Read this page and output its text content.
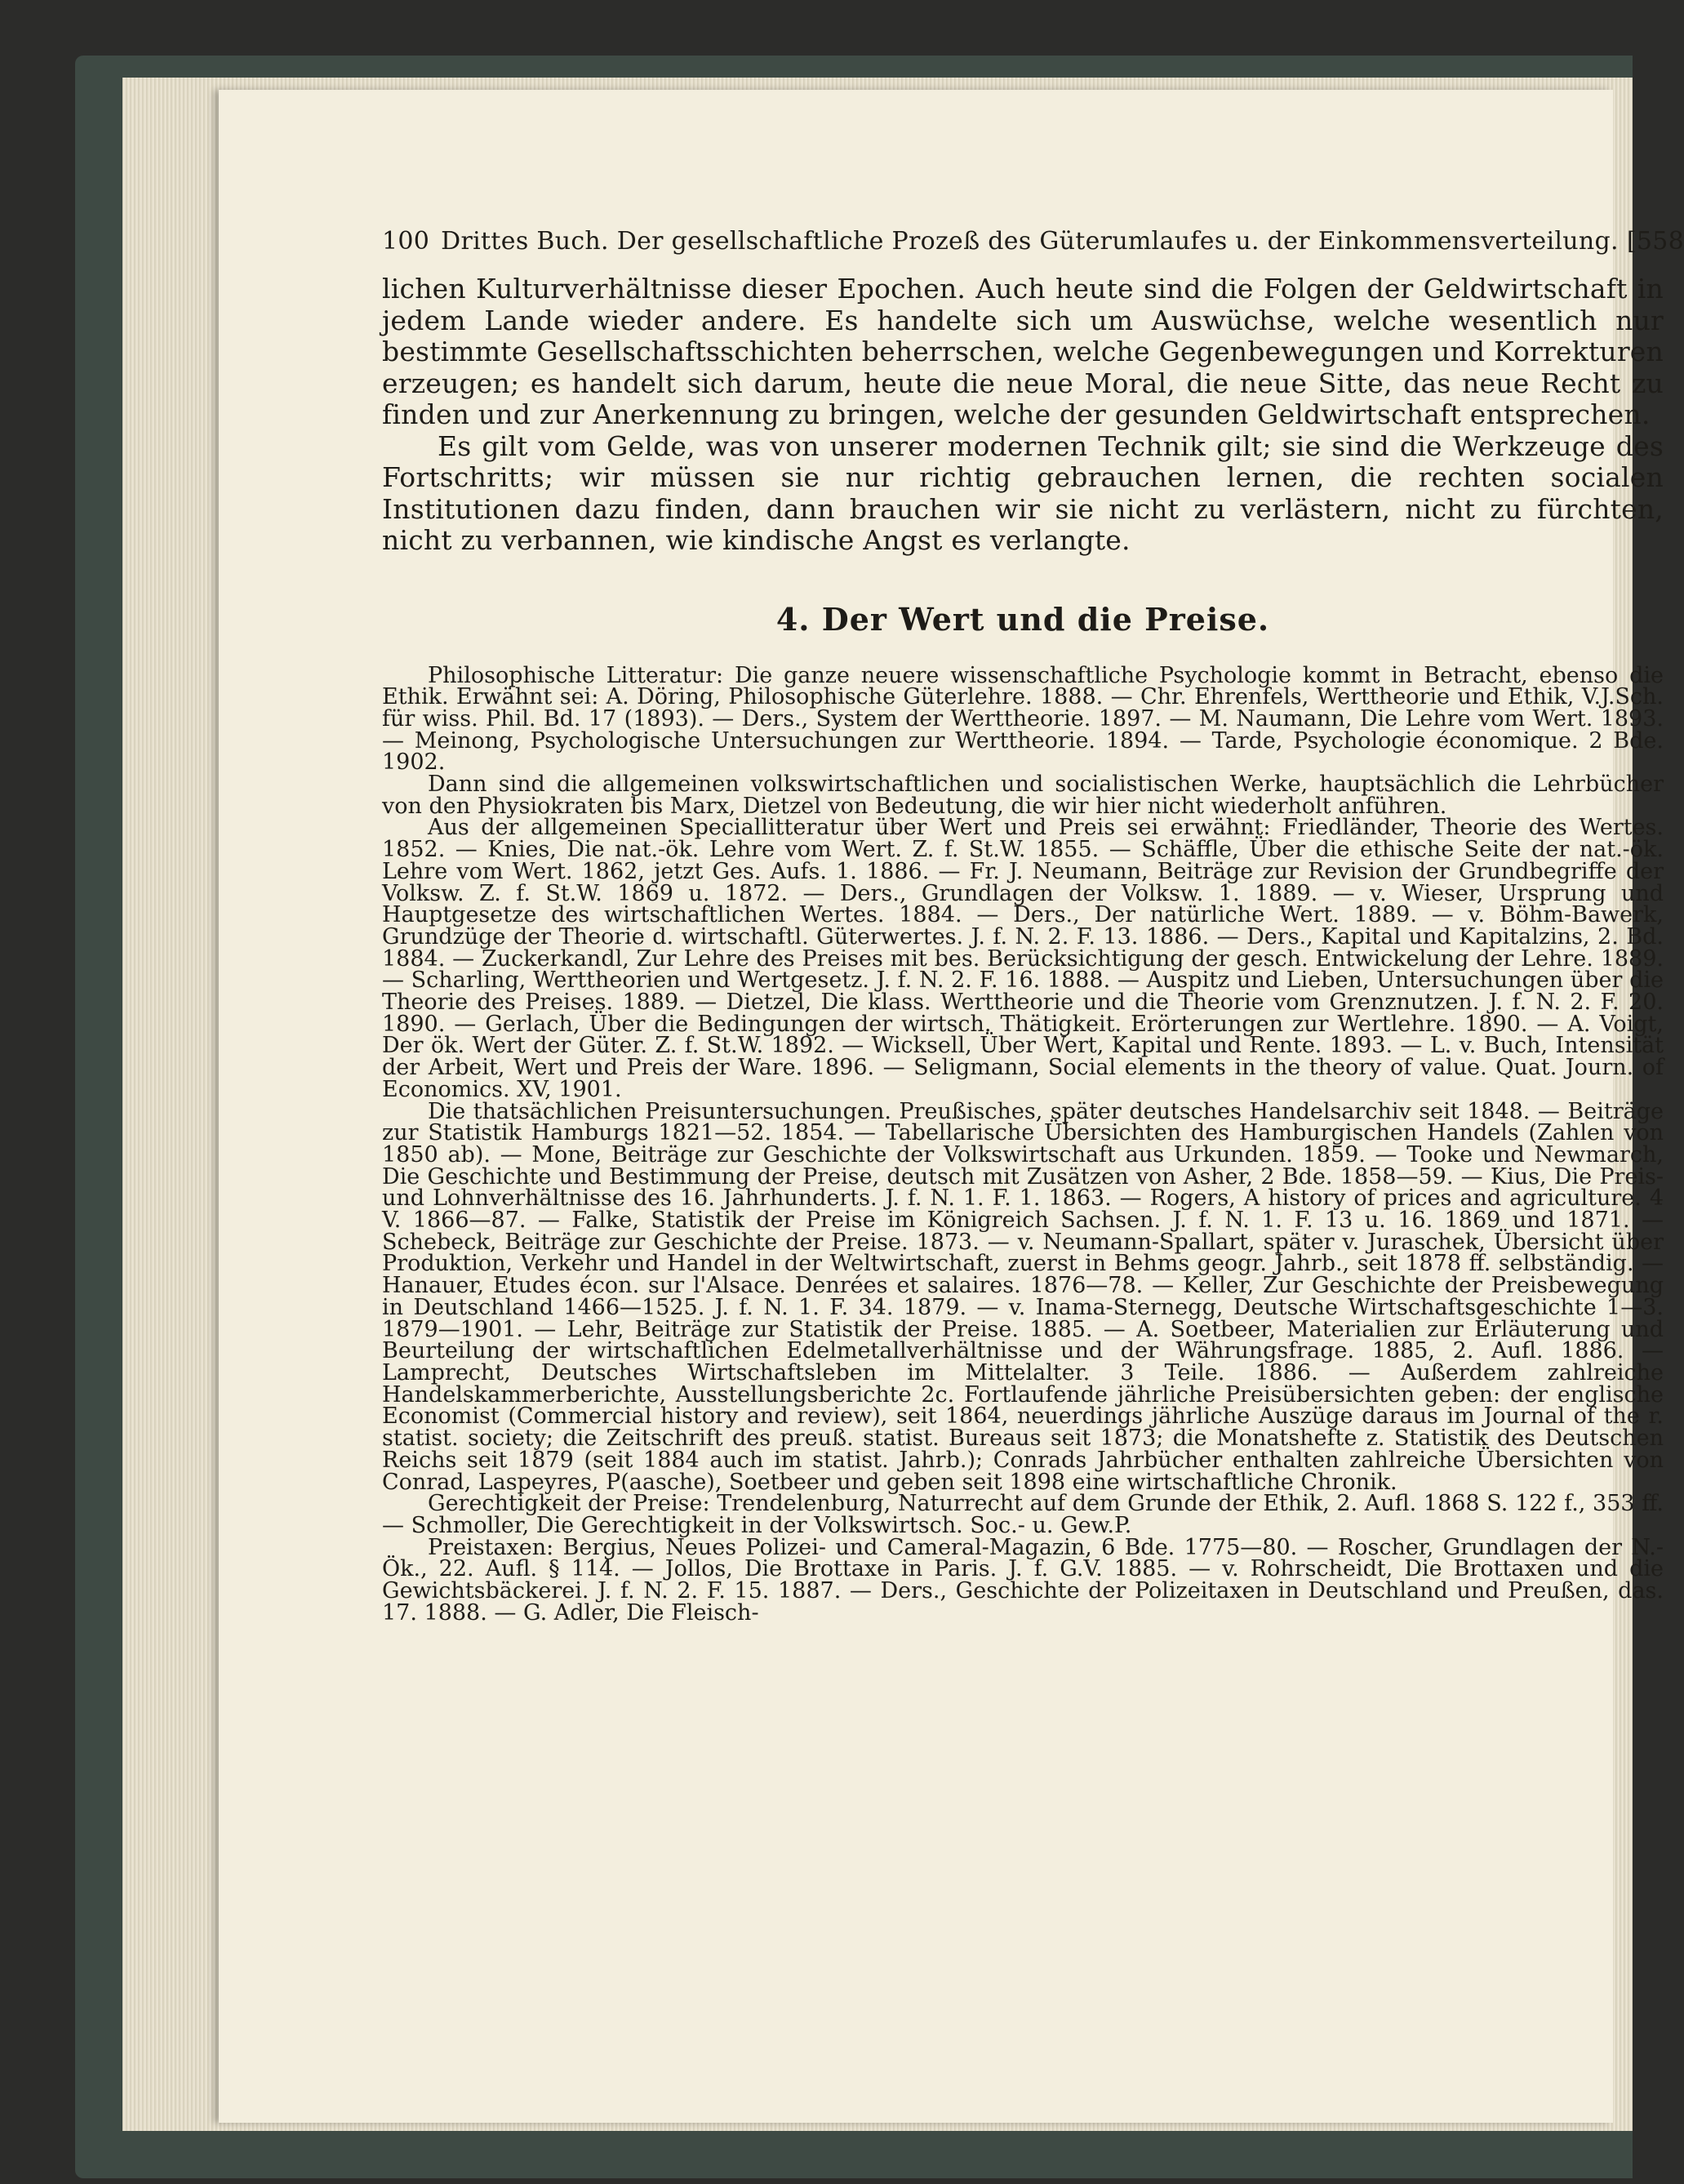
100 Drittes Buch. Der gesellschaftliche Prozeß des Güterumlaufes u. der Einkommensverteilung. [558

lichen Kulturverhältnisse dieser Epochen. Auch heute sind die Folgen der Geldwirtschaft in jedem Lande wieder andere. Es handelte sich um Auswüchse, welche wesentlich nur bestimmte Gesellschaftsschichten beherrschen, welche Gegenbewegungen und Korrekturen erzeugen; es handelt sich darum, heute die neue Moral, die neue Sitte, das neue Recht zu finden und zur Anerkennung zu bringen, welche der gesunden Geldwirtschaft entsprechen.

Es gilt vom Gelde, was von unserer modernen Technik gilt; sie sind die Werkzeuge des Fortschritts; wir müssen sie nur richtig gebrauchen lernen, die rechten socialen Institutionen dazu finden, dann brauchen wir sie nicht zu verlästern, nicht zu fürchten, nicht zu verbannen, wie kindische Angst es verlangte.

4. Der Wert und die Preise.

Philosophische Litteratur: Die ganze neuere wissenschaftliche Psychologie kommt in Betracht, ebenso die Ethik. Erwähnt sei: A. Döring, Philosophische Güterlehre. 1888. — Chr. Ehrenfels, Werttheorie und Ethik, V.J.Sch. für wiss. Phil. Bd. 17 (1893). — Ders., System der Werttheorie. 1897. — M. Naumann, Die Lehre vom Wert. 1893. — Meinong, Psychologische Untersuchungen zur Werttheorie. 1894. — Tarde, Psychologie économique. 2 Bde. 1902.

Dann sind die allgemeinen volkswirtschaftlichen und socialistischen Werke, hauptsächlich die Lehrbücher von den Physiokraten bis Marx, Dietzel von Bedeutung, die wir hier nicht wiederholt anführen.

Aus der allgemeinen Speciallitteratur über Wert und Preis sei erwähnt: Friedländer, Theorie des Wertes. 1852. — Knies, Die nat.-ök. Lehre vom Wert. Z. f. St.W. 1855. — Schäffle, Über die ethische Seite der nat.-ök. Lehre vom Wert. 1862, jetzt Ges. Aufs. 1. 1886. — Fr. J. Neumann, Beiträge zur Revision der Grundbegriffe der Volksw. Z. f. St.W. 1869 u. 1872. — Ders., Grundlagen der Volksw. 1. 1889. — v. Wieser, Ursprung und Hauptgesetze des wirtschaftlichen Wertes. 1884. — Ders., Der natürliche Wert. 1889. — v. Böhm-Bawerk, Grundzüge der Theorie d. wirtschaftl. Güterwertes. J. f. N. 2. F. 13. 1886. — Ders., Kapital und Kapitalzins, 2. Bd. 1884. — Zuckerkandl, Zur Lehre des Preises mit bes. Berücksichtigung der gesch. Entwickelung der Lehre. 1889. — Scharling, Werttheorien und Wertgesetz. J. f. N. 2. F. 16. 1888. — Auspitz und Lieben, Untersuchungen über die Theorie des Preises. 1889. — Dietzel, Die klass. Werttheorie und die Theorie vom Grenznutzen. J. f. N. 2. F. 20. 1890. — Gerlach, Über die Bedingungen der wirtsch. Thätigkeit. Erörterungen zur Wertlehre. 1890. — A. Voigt, Der ök. Wert der Güter. Z. f. St.W. 1892. — Wicksell, Über Wert, Kapital und Rente. 1893. — L. v. Buch, Intensität der Arbeit, Wert und Preis der Ware. 1896. — Seligmann, Social elements in the theory of value. Quat. Journ. of Economics. XV, 1901.

Die thatsächlichen Preisuntersuchungen. Preußisches, später deutsches Handelsarchiv seit 1848. — Beiträge zur Statistik Hamburgs 1821—52. 1854. — Tabellarische Übersichten des Hamburgischen Handels (Zahlen von 1850 ab). — Mone, Beiträge zur Geschichte der Volkswirtschaft aus Urkunden. 1859. — Tooke und Newmarch, Die Geschichte und Bestimmung der Preise, deutsch mit Zusätzen von Asher, 2 Bde. 1858—59. — Kius, Die Preis- und Lohnverhältnisse des 16. Jahrhunderts. J. f. N. 1. F. 1. 1863. — Rogers, A history of prices and agriculture. 4 V. 1866—87. — Falke, Statistik der Preise im Königreich Sachsen. J. f. N. 1. F. 13 u. 16. 1869 und 1871. — Schebeck, Beiträge zur Geschichte der Preise. 1873. — v. Neumann-Spallart, später v. Juraschek, Übersicht über Produktion, Verkehr und Handel in der Weltwirtschaft, zuerst in Behms geogr. Jahrb., seit 1878 ff. selbständig. — Hanauer, Etudes écon. sur l'Alsace. Denrées et salaires. 1876—78. — Keller, Zur Geschichte der Preisbewegung in Deutschland 1466—1525. J. f. N. 1. F. 34. 1879. — v. Inama-Sternegg, Deutsche Wirtschaftsgeschichte 1—3. 1879—1901. — Lehr, Beiträge zur Statistik der Preise. 1885. — A. Soetbeer, Materialien zur Erläuterung und Beurteilung der wirtschaftlichen Edelmetallverhältnisse und der Währungsfrage. 1885, 2. Aufl. 1886. — Lamprecht, Deutsches Wirtschaftsleben im Mittelalter. 3 Teile. 1886. — Außerdem zahlreiche Handelskammerberichte, Ausstellungsberichte 2c. Fortlaufende jährliche Preisübersichten geben: der englische Economist (Commercial history and review), seit 1864, neuerdings jährliche Auszüge daraus im Journal of the r. statist. society; die Zeitschrift des preuß. statist. Bureaus seit 1873; die Monatshefte z. Statistik des Deutschen Reichs seit 1879 (seit 1884 auch im statist. Jahrb.); Conrads Jahrbücher enthalten zahlreiche Übersichten von Conrad, Laspeyres, P(aasche), Soetbeer und geben seit 1898 eine wirtschaftliche Chronik.

Gerechtigkeit der Preise: Trendelenburg, Naturrecht auf dem Grunde der Ethik, 2. Aufl. 1868 S. 122 f., 353 ff. — Schmoller, Die Gerechtigkeit in der Volkswirtsch. Soc.- u. Gew.P.

Preistaxen: Bergius, Neues Polizei- und Cameral-Magazin, 6 Bde. 1775—80. — Roscher, Grundlagen der N.-Ök., 22. Aufl. § 114. — Jollos, Die Brottaxe in Paris. J. f. G.V. 1885. — v. Rohrscheidt, Die Brottaxen und die Gewichtsbäckerei. J. f. N. 2. F. 15. 1887. — Ders., Geschichte der Polizeitaxen in Deutschland und Preußen, das. 17. 1888. — G. Adler, Die Fleisch-
